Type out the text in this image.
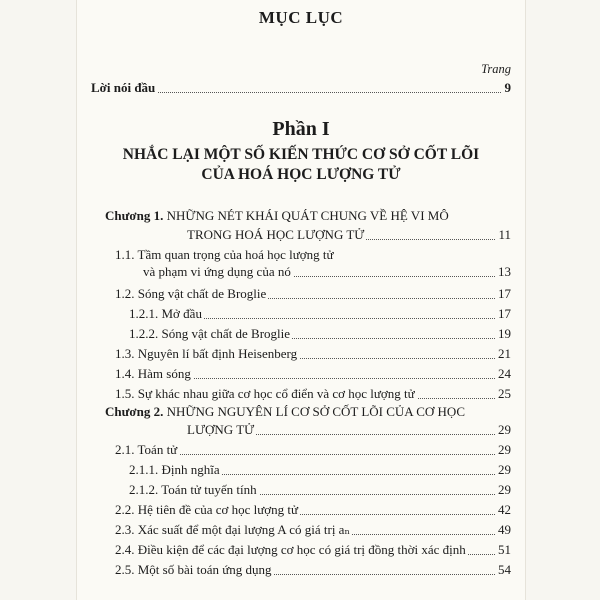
MỤC LỤC
Trang
Lời nói đầu	9
Phần I
NHẮC LẠI MỘT SỐ KIẾN THỨC CƠ SỞ CỐT LÕI
CỦA HOÁ HỌC LƯỢNG TỬ
Chương 1. NHỮNG NÉT KHÁI QUÁT CHUNG VỀ HỆ VI MÔ
TRONG HOÁ HỌC LƯỢNG TỬ	11
1.1. Tầm quan trọng của hoá học lượng tử
và phạm vi ứng dụng của nó	13
1.2. Sóng vật chất de Broglie	17
1.2.1. Mở đầu	17
1.2.2. Sóng vật chất de Broglie	19
1.3. Nguyên lí bất định Heisenberg	21
1.4. Hàm sóng	24
1.5. Sự khác nhau giữa cơ học cổ điển và cơ học lượng tử	25
Chương 2. NHỮNG NGUYÊN LÍ CƠ SỞ CỐT LÕI CỦA CƠ HỌC
LƯỢNG TỬ	29
2.1. Toán tử	29
2.1.1. Định nghĩa	29
2.1.2. Toán tử tuyến tính	29
2.2. Hệ tiên đề của cơ học lượng tử	42
2.3. Xác suất để một đại lượng A có giá trị aₙ	49
2.4. Điều kiện để các đại lượng cơ học có giá trị đồng thời xác định 51
2.5. Một số bài toán ứng dụng	54
